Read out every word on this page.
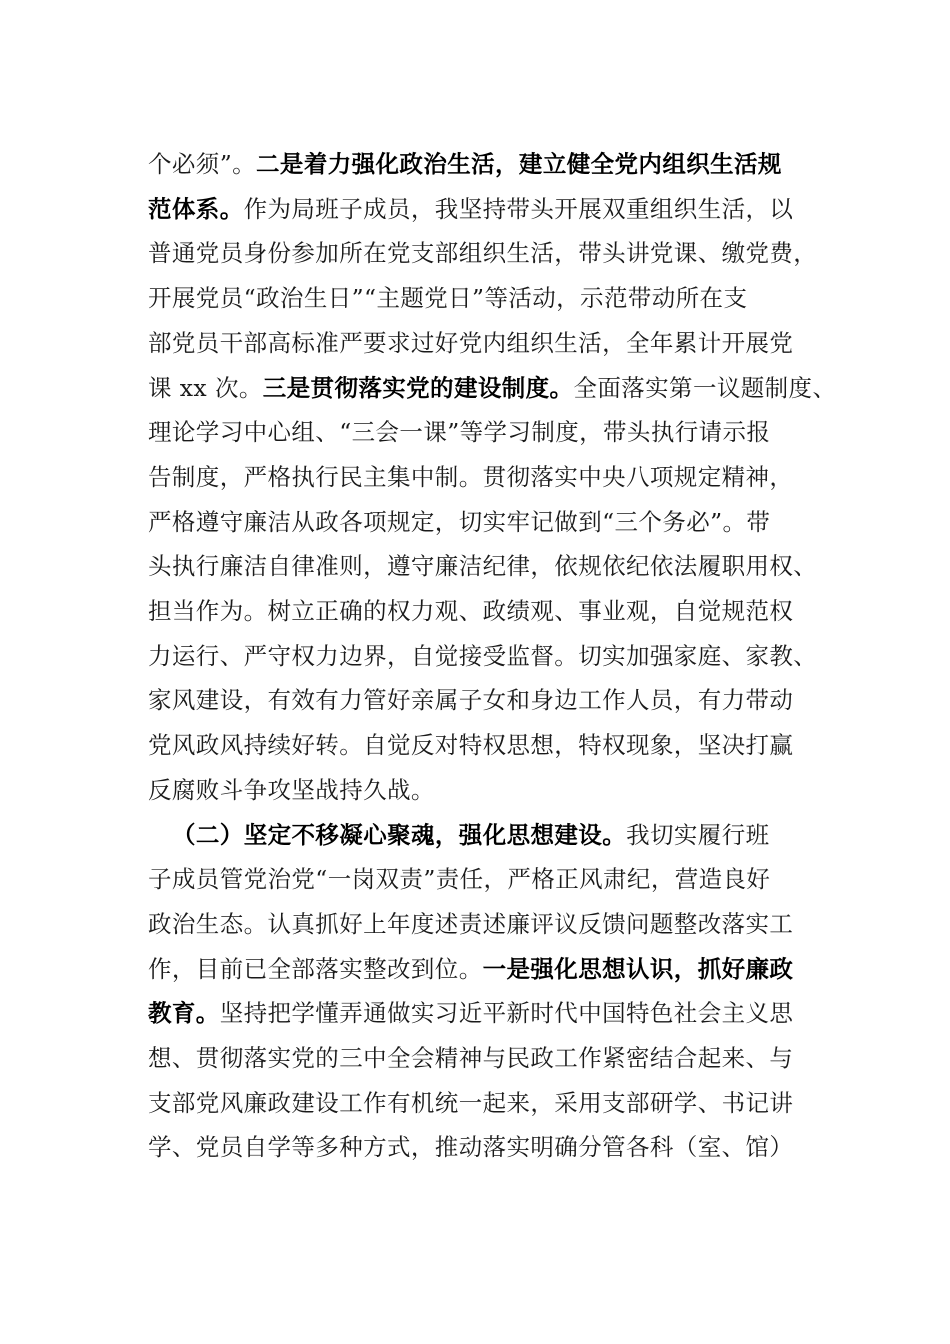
个必须”。二是着力强化政治生活，建立健全党内组织生活规
范体系。作为局班子成员，我坚持带头开展双重组织生活，以
普通党员身份参加所在党支部组织生活，带头讲党课、缴党费，
开展党员“政治生日”“主题党日”等活动，示范带动所在支
部党员干部高标准严要求过好党内组织生活，全年累计开展党
课 xx 次。三是贯彻落实党的建设制度。全面落实第一议题制度、
理论学习中心组、“三会一课”等学习制度，带头执行请示报
告制度，严格执行民主集中制。贯彻落实中央八项规定精神，
严格遵守廉洁从政各项规定，切实牢记做到“三个务必”。带
头执行廉洁自律准则，遵守廉洁纪律，依规依纪依法履职用权、
担当作为。树立正确的权力观、政绩观、事业观，自觉规范权
力运行、严守权力边界，自觉接受监督。切实加强家庭、家教、
家风建设，有效有力管好亲属子女和身边工作人员，有力带动
党风政风持续好转。自觉反对特权思想，特权现象，坚决打赢
反腐败斗争攻坚战持久战。
（二）坚定不移凝心聚魂，强化思想建设。我切实履行班
子成员管党治党“一岗双责”责任，严格正风肃纪，营造良好
政治生态。认真抓好上年度述责述廉评议反馈问题整改落实工
作，目前已全部落实整改到位。一是强化思想认识，抓好廉政
教育。坚持把学懂弄通做实习近平新时代中国特色社会主义思
想、贯彻落实党的三中全会精神与民政工作紧密结合起来、与
支部党风廉政建设工作有机统一起来，采用支部研学、书记讲
学、党员自学等多种方式，推动落实明确分管各科（室、馆）
